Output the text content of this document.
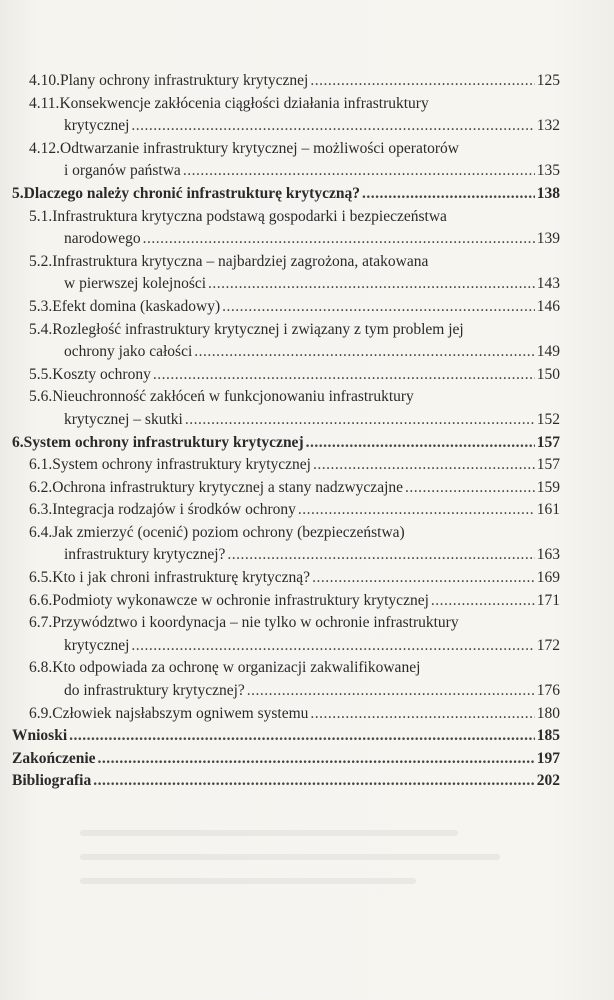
4.10. Plany ochrony infrastruktury krytycznej .....	125
4.11. Konsekwencje zakłócenia ciągłości działania infrastruktury
krytycznej .....	132
4.12. Odtwarzanie infrastruktury krytycznej – możliwości operatorów
i organów państwa .....	135
5. Dlaczego należy chronić infrastrukturę krytyczną? .....	138
5.1. Infrastruktura krytyczna podstawą gospodarki i bezpieczeństwa
narodowego .....	139
5.2. Infrastruktura krytyczna – najbardziej zagrożona, atakowana
w pierwszej kolejności .....	143
5.3. Efekt domina (kaskadowy) .....	146
5.4. Rozległość infrastruktury krytycznej i związany z tym problem jej
ochrony jako całości .....	149
5.5. Koszty ochrony .....	150
5.6. Nieuchronność zakłóceń w funkcjonowaniu infrastruktury
krytycznej – skutki .....	152
6. System ochrony infrastruktury krytycznej .....	157
6.1. System ochrony infrastruktury krytycznej .....	157
6.2. Ochrona infrastruktury krytycznej a stany nadzwyczajne .....	159
6.3. Integracja rodzajów i środków ochrony .....	161
6.4. Jak zmierzyć (ocenić) poziom ochrony (bezpieczeństwa)
infrastruktury krytycznej? .....	163
6.5. Kto i jak chroni infrastrukturę krytyczną? .....	169
6.6. Podmioty wykonawcze w ochronie infrastruktury krytycznej .....	171
6.7. Przywództwo i koordynacja – nie tylko w ochronie infrastruktury
krytycznej .....	172
6.8. Kto odpowiada za ochronę w organizacji zakwalifikowanej
do infrastruktury krytycznej? .....	176
6.9. Człowiek najsłabszym ogniwem systemu .....	180
Wnioski .....	185
Zakończenie .....	197
Bibliografia .....	202
